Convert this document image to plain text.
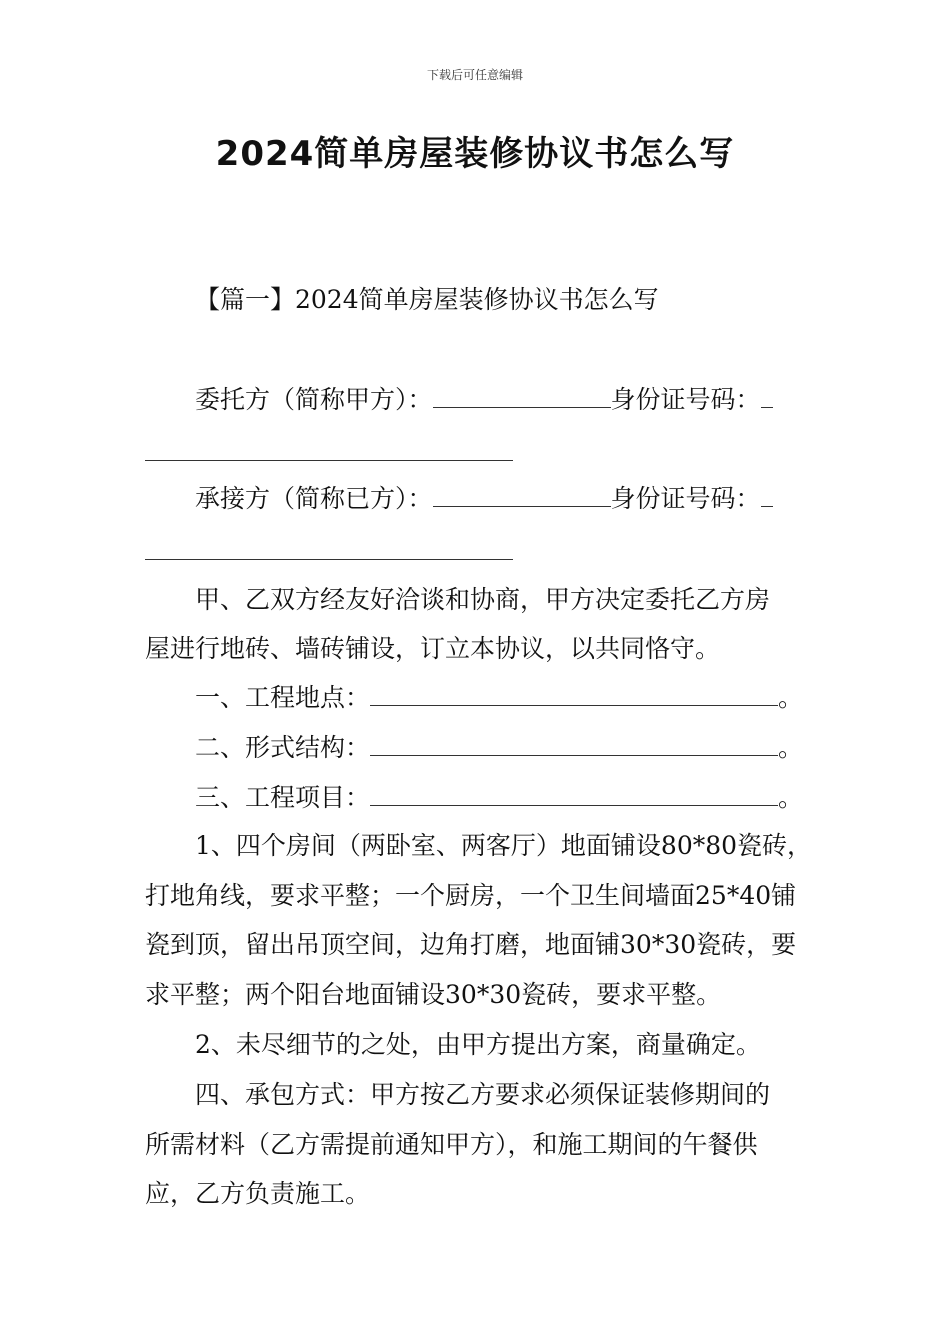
下载后可任意编辑
2024简单房屋装修协议书怎么写
【篇一】2024简单房屋装修协议书怎么写
委托方（简称甲方）：	身份证号码：
承接方（简称已方）：	身份证号码：
甲、乙双方经友好洽谈和协商，甲方决定委托乙方房
屋进行地砖、墙砖铺设，订立本协议，以共同恪守。
一、工程地点：	。
二、形式结构：	。
三、工程项目：	。
1、四个房间（两卧室、两客厅）地面铺设80*80瓷砖，
打地角线，要求平整；一个厨房，一个卫生间墙面25*40铺
瓷到顶，留出吊顶空间，边角打磨，地面铺30*30瓷砖，要
求平整；两个阳台地面铺设30*30瓷砖，要求平整。
2、未尽细节的之处，由甲方提出方案，商量确定。
四、承包方式：甲方按乙方要求必须保证装修期间的
所需材料（乙方需提前通知甲方），和施工期间的午餐供
应，乙方负责施工。
